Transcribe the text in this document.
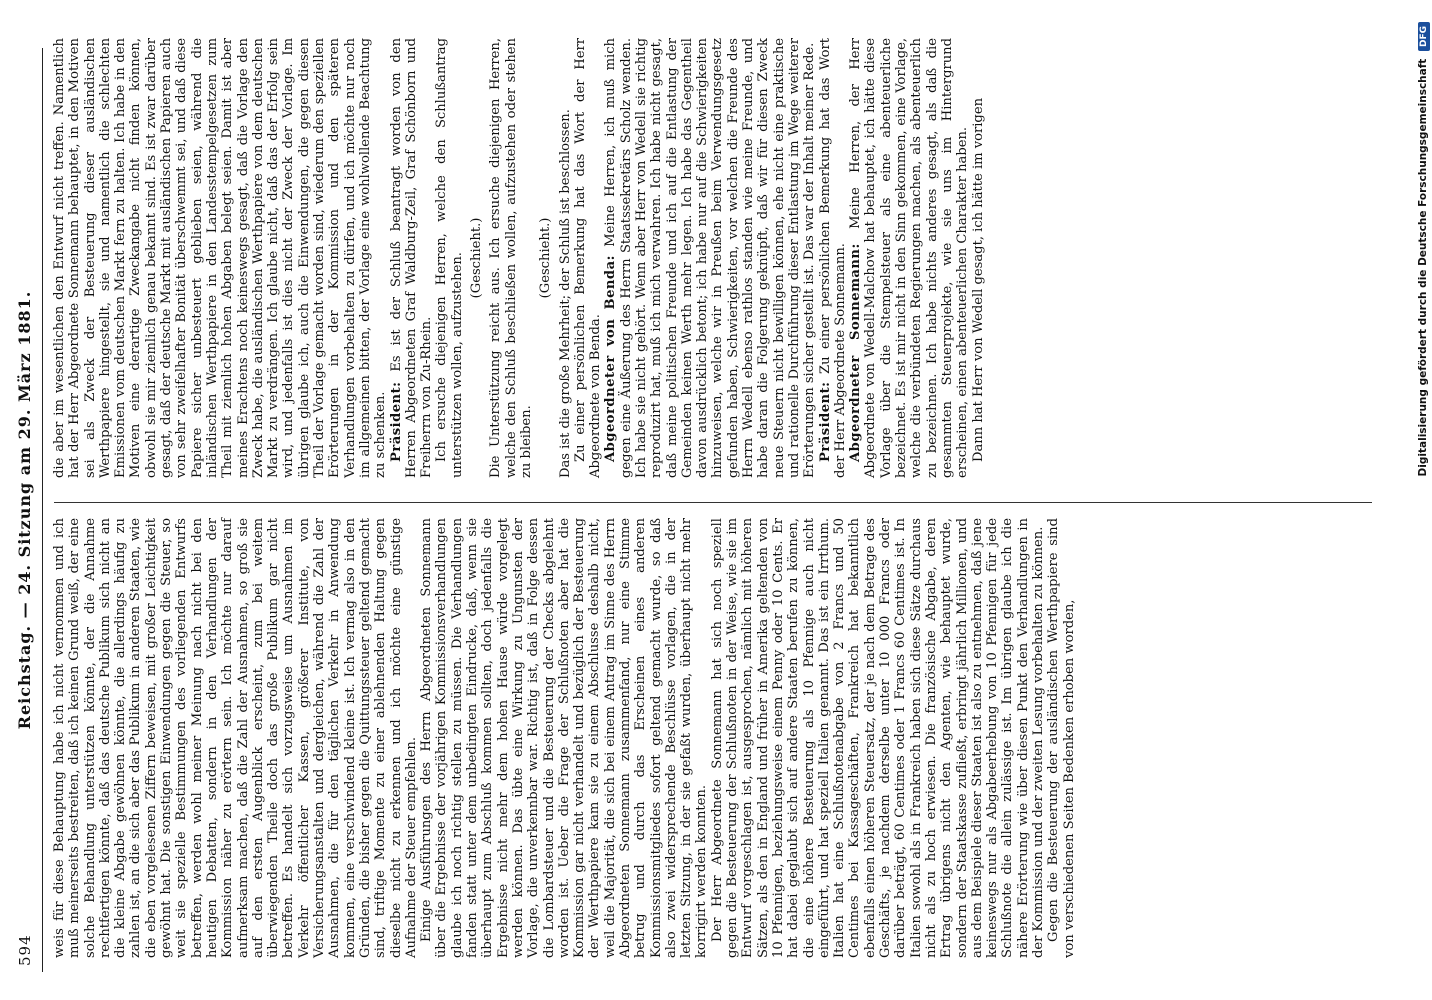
594
Reichstag. — 24. Sitzung am 29. März 1881.

weis für diese Behauptung habe ich nicht vernommen und ich muß meinerseits bestreiten, daß ich keinen Grund weiß, der eine solche Behandlung unterstützen könnte, der die Annahme rechtfertigen könnte, daß das deutsche Publikum sich nicht an die kleine Abgabe gewöhnen könnte, die allerdings häufig zu zahlen ist, an die sich aber das Publikum in anderen Staaten, wie die eben vorgelesenen Ziffern beweisen, mit großer Leichtigkeit gewöhnt hat. Die sonstigen Einwendungen gegen die Steuer, so weit sie spezielle Bestimmungen des vorliegenden Entwurfs betreffen, werden wohl meiner Meinung nach nicht bei den heutigen Debatten, sondern in den Verhandlungen der Kommission näher zu erörtern sein. Ich möchte nur darauf aufmerksam machen, daß die Zahl der Ausnahmen, so groß sie auf den ersten Augenblick erscheint, zum bei weitem überwiegenden Theile doch das große Publikum gar nicht betreffen. Es handelt sich vorzugsweise um Ausnahmen im Verkehr öffentlicher Kassen, größerer Institute, von Versicherungsanstalten und dergleichen, während die Zahl der Ausnahmen, die für den täglichen Verkehr in Anwendung kommen, eine verschwindend kleine ist. Ich vermag also in den Gründen, die bisher gegen die Quittungssteuer geltend gemacht sind, triftige Momente zu einer ablehnenden Haltung gegen dieselbe nicht zu erkennen und ich möchte eine günstige Aufnahme der Steuer empfehlen. Einige Ausführungen des Herrn Abgeordneten Sonnemann über die Ergebnisse der vorjährigen Kommissionsverhandlungen glaube ich noch richtig stellen zu müssen. Die Verhandlungen fanden statt unter dem unbedingten Eindrucke, daß, wenn sie überhaupt zum Abschluß kommen sollten, doch jedenfalls die Ergebnisse nicht mehr dem hohen Hause würde vorgelegt werden können. Das übte eine Wirkung zu Ungunsten der Vorlage, die unverkennbar war. Richtig ist, daß in Folge dessen die Lombardsteuer und die Besteuerung der Checks abgelehnt worden ist. Ueber die Frage der Schlußnoten aber hat die Kommission gar nicht verhandelt und bezüglich der Besteuerung der Werthpapiere kam sie zu einem Abschlusse deshalb nicht, weil die Majorität, die sich bei einem Antrag im Sinne des Herrn Abgeordneten Sonnemann zusammenfand, nur eine Stimme betrug und durch das Erscheinen eines anderen Kommissionsmitgliedes sofort geltend gemacht wurde, so daß also zwei widersprechende Beschlüsse vorlagen, die in der letzten Sitzung, in der sie gefaßt wurden, überhaupt nicht mehr korrigirt werden konnten. Der Herr Abgeordnete Sonnemann hat sich noch speziell gegen die Besteuerung der Schlußnoten in der Weise, wie sie im Entwurf vorgeschlagen ist, ausgesprochen, nämlich mit höheren Sätzen, als den in England und früher in Amerika geltenden von 10 Pfennigen, beziehungsweise einem Penny oder 10 Cents. Er hat dabei geglaubt sich auf andere Staaten berufen zu können, die eine höhere Besteuerung als 10 Pfennige auch nicht eingeführt, und hat speziell Italien genannt. Das ist ein Irrthum. Italien hat eine Schlußnotenabgabe von 2 Francs und 50 Centimes bei Kassageschäften, Frankreich hat bekanntlich ebenfalls einen höheren Steuersatz, der je nach dem Betrage des Geschäfts, je nachdem derselbe unter 10 000 Francs oder darüber beträgt, 60 Centimes oder 1 Francs 60 Centimes ist. In Italien sowohl als in Frankreich haben sich diese Sätze durchaus nicht als zu hoch erwiesen. Die französische Abgabe, deren Ertrag übrigens nicht den Agenten, wie behauptet wurde, sondern der Staatskasse zufließt, erbringt jährlich Millionen, und aus dem Beispiele dieser Staaten ist also zu entnehmen, daß jene keineswegs nur als Abgabeerhebung von 10 Pfennigen für jede Schlußnote die allein zulässige ist. Im übrigen glaube ich die nähere Erörterung wie über diesen Punkt den Verhandlungen in der Kommission und der zweiten Lesung vorbehalten zu können. Gegen die Besteuerung der ausländischen Werthpapiere sind von verschiedenen Seiten Bedenken erhoben worden,

die aber im wesentlichen den Entwurf nicht treffen. Namentlich hat der Herr Abgeordnete Sonnemann behauptet, in den Motiven sei als Zweck der Besteuerung dieser ausländischen Werthpapiere hingestellt, sie und namentlich die schlechten Emissionen vom deutschen Markt fern zu halten. Ich habe in den Motiven eine derartige Zweckangabe nicht finden können, obwohl sie mir ziemlich genau bekannt sind. Es ist zwar darüber gesagt, daß der deutsche Markt mit ausländischen Papieren auch von sehr zweifelhafter Bonität überschwemmt sei, und daß diese Papiere sicher unbesteuert geblieben seien, während die inländischen Werthpapiere in den Landesstempelgesetzen zum Theil mit ziemlich hohen Abgaben belegt seien. Damit ist aber meines Erachtens noch keineswegs gesagt, daß die Vorlage den Zweck habe, die ausländischen Werthpapiere von dem deutschen Markt zu verdrängen. Ich glaube nicht, daß das der Erfolg sein wird, und jedenfalls ist dies nicht der Zweck der Vorlage. Im übrigen glaube ich, auch die Einwendungen, die gegen diesen Theil der Vorlage gemacht worden sind, wiederum den speziellen Erörterungen in der Kommission und den späteren Verhandlungen vorbehalten zu dürfen, und ich möchte nur noch im allgemeinen bitten, der Vorlage eine wohlwollende Beachtung zu schenken. Präsident: Es ist der Schluß beantragt worden von den Herren Abgeordneten Graf Waldburg-Zeil, Graf Schönborn und Freiherrn von Zu-Rhein. Ich ersuche diejenigen Herren, welche den Schlußantrag unterstützen wollen, aufzustehen. (Geschieht.) Die Unterstützung reicht aus. Ich ersuche diejenigen Herren, welche den Schluß beschließen wollen, aufzustehen oder stehen zu bleiben.

(Geschieht.) Das ist die große Mehrheit; der Schluß ist beschlossen. Zu einer persönlichen Bemerkung hat das Wort der Herr Abgeordnete von Benda. Abgeordneter von Benda: Meine Herren, ich muß mich gegen eine Äußerung des Herrn Staatssekretärs Scholz wenden. Ich habe sie nicht gehört. Wenn aber Herr von Wedell sie richtig reproduzirt hat, muß ich mich verwahren. Ich habe nicht gesagt, daß meine politischen Freunde und ich auf die Entlastung der Gemeinden keinen Werth mehr legen. Ich habe das Gegentheil davon ausdrücklich betont; ich habe nur auf die Schwierigkeiten hinzuweisen, welche wir in Preußen beim Verwendungsgesetz gefunden haben, Schwierigkeiten, vor welchen die Freunde des Herrn Wedell ebenso rathlos standen wie meine Freunde, und habe daran die Folgerung geknüpft, daß wir für diesen Zweck neue Steuern nicht bewilligen können, ehe nicht eine praktische und rationelle Durchführung dieser Entlastung im Wege weiterer Erörterungen sicher gestellt ist. Das war der Inhalt meiner Rede. Präsident: Zu einer persönlichen Bemerkung hat das Wort der Herr Abgeordnete Sonnemann. Abgeordneter Sonnemann: Meine Herren, der Herr Abgeordnete von Wedell-Malchow hat behauptet, ich hätte diese Vorlage über die Stempelsteuer als eine abenteuerliche bezeichnet. Es ist mir nicht in den Sinn gekommen, eine Vorlage, welche die verbündeten Regierungen machen, als abenteuerlich zu bezeichnen. Ich habe nichts anderes gesagt, als daß die gesammten Steuerprojekte, wie sie uns im Hintergrund erscheinen, einen abenteuerlichen Charakter haben. Dann hat Herr von Wedell gesagt, ich hätte im vorigen	Digitalisierung gefördert durch die Deutsche Forschungsgemeinschaft DFG
